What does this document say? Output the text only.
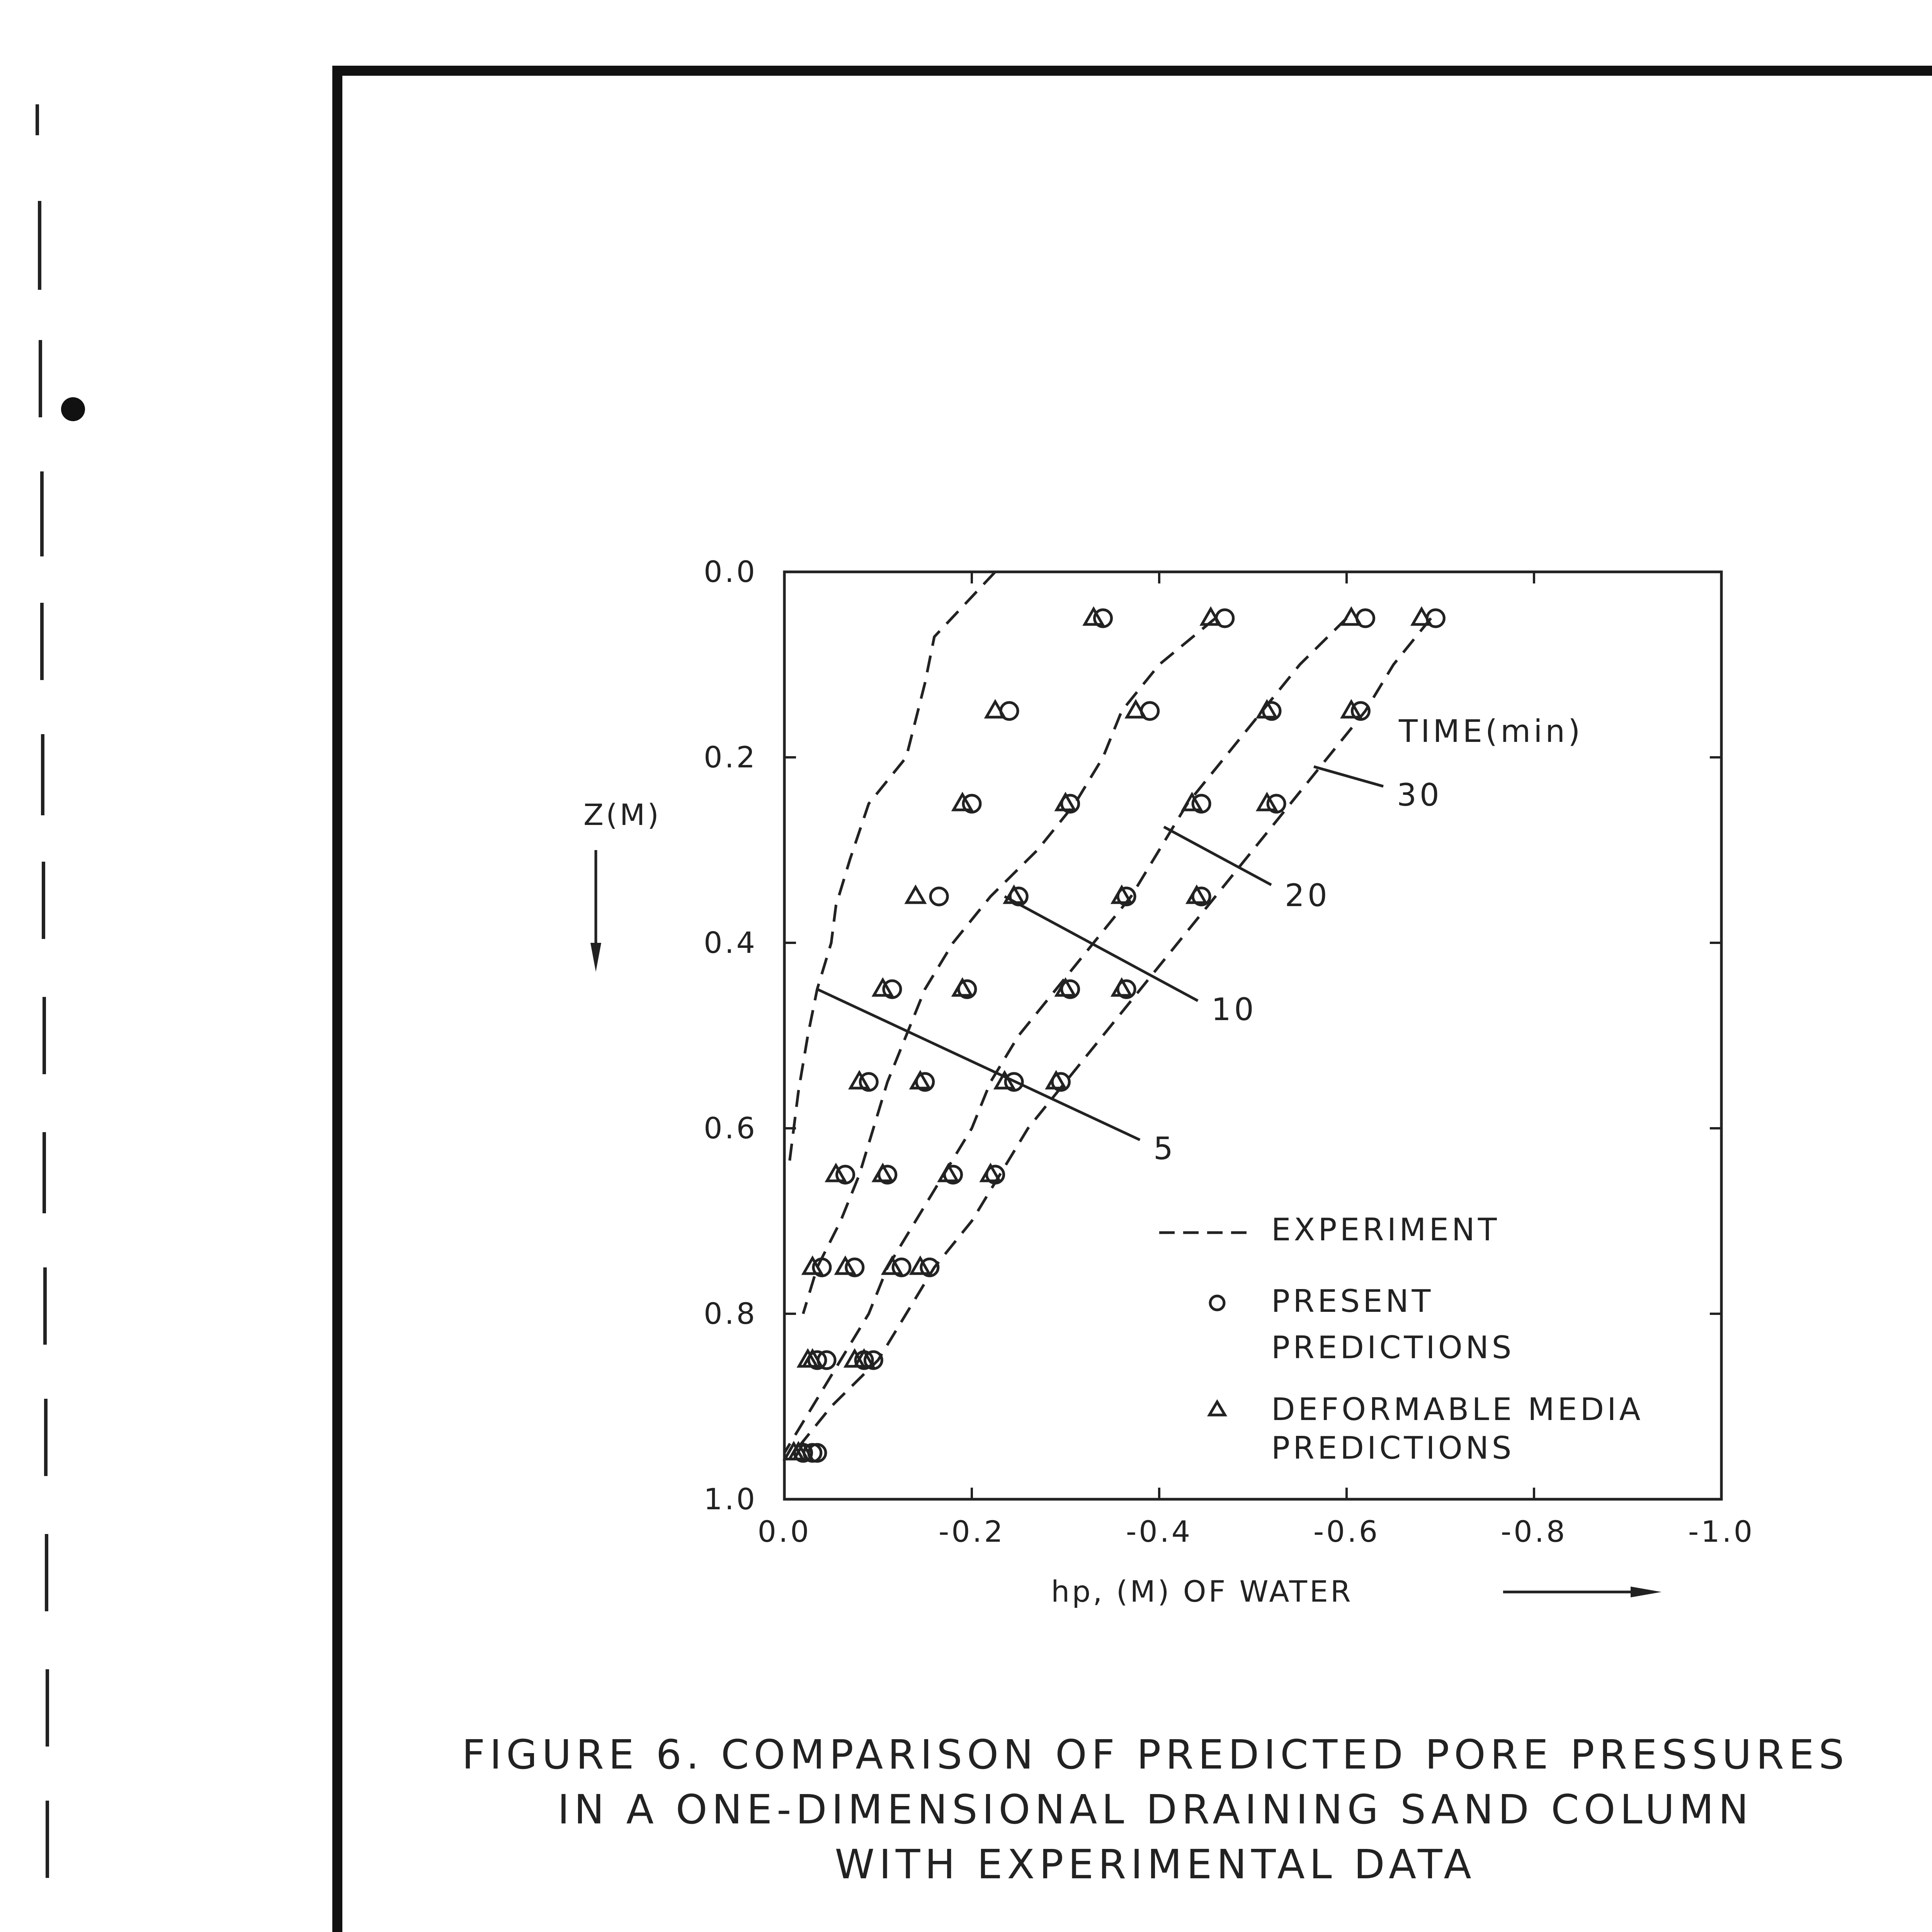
0.0	-0.2	-0.4	-0.6	-0.8	-1.0
0.0
0.2
0.4
0.6
0.8
1.0
Z(M)
hp, (M) OF WATER
TIME(min)
5
10
20
30
EXPERIMENT
PRESENT
PREDICTIONS
DEFORMABLE MEDIA
PREDICTIONS
FIGURE 6. COMPARISON OF PREDICTED PORE PRESSURES
IN A ONE-DIMENSIONAL DRAINING SAND COLUMN
WITH EXPERIMENTAL DATA
